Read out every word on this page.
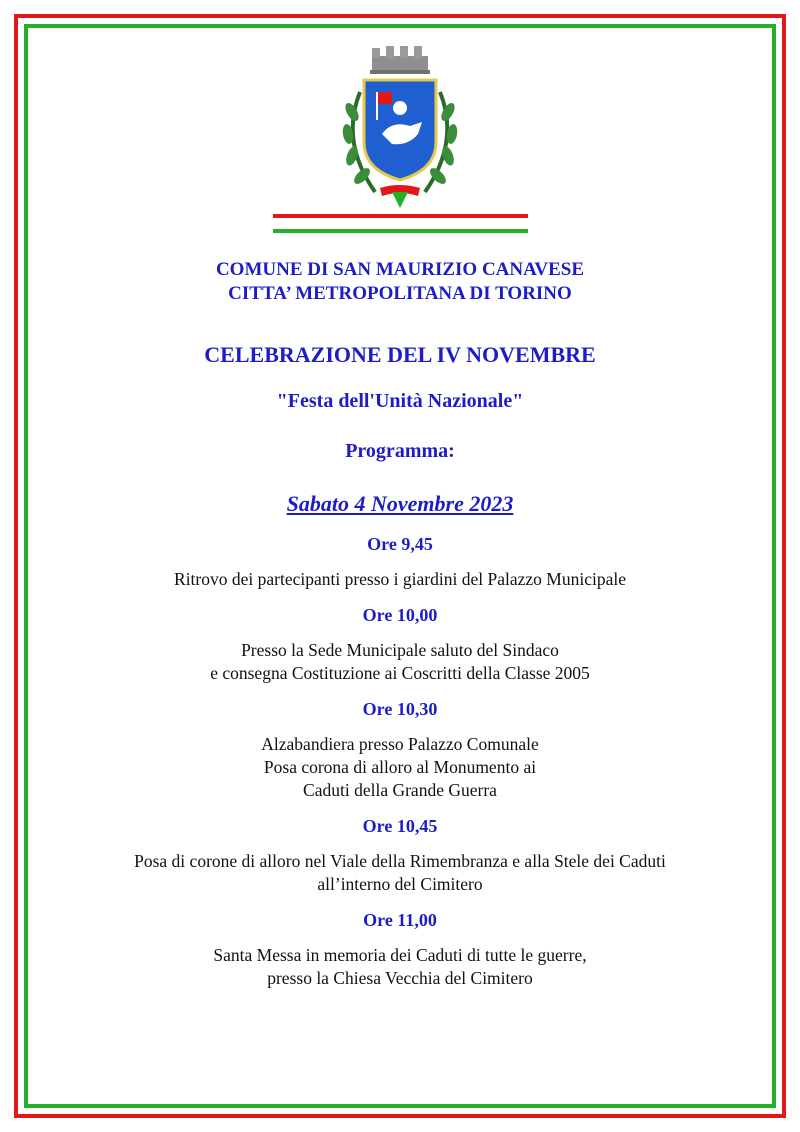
COMUNE DI SAN MAURIZIO CANAVESE
CITTA’ METROPOLITANA DI TORINO
CELEBRAZIONE DEL IV NOVEMBRE
"Festa dell'Unità Nazionale"
Programma:
Sabato 4 Novembre 2023
Ore 9,45
Ritrovo dei partecipanti presso i giardini del Palazzo Municipale
Ore 10,00
Presso la Sede Municipale saluto del Sindaco
e consegna Costituzione ai Coscritti della Classe 2005
Ore 10,30
Alzabandiera presso Palazzo Comunale
Posa corona di alloro al Monumento ai
Caduti della Grande Guerra
Ore 10,45
Posa di corone di alloro nel Viale della Rimembranza e alla Stele dei Caduti
all’interno del Cimitero
Ore 11,00
Santa Messa in memoria dei Caduti di tutte le guerre,
presso la Chiesa Vecchia del Cimitero
